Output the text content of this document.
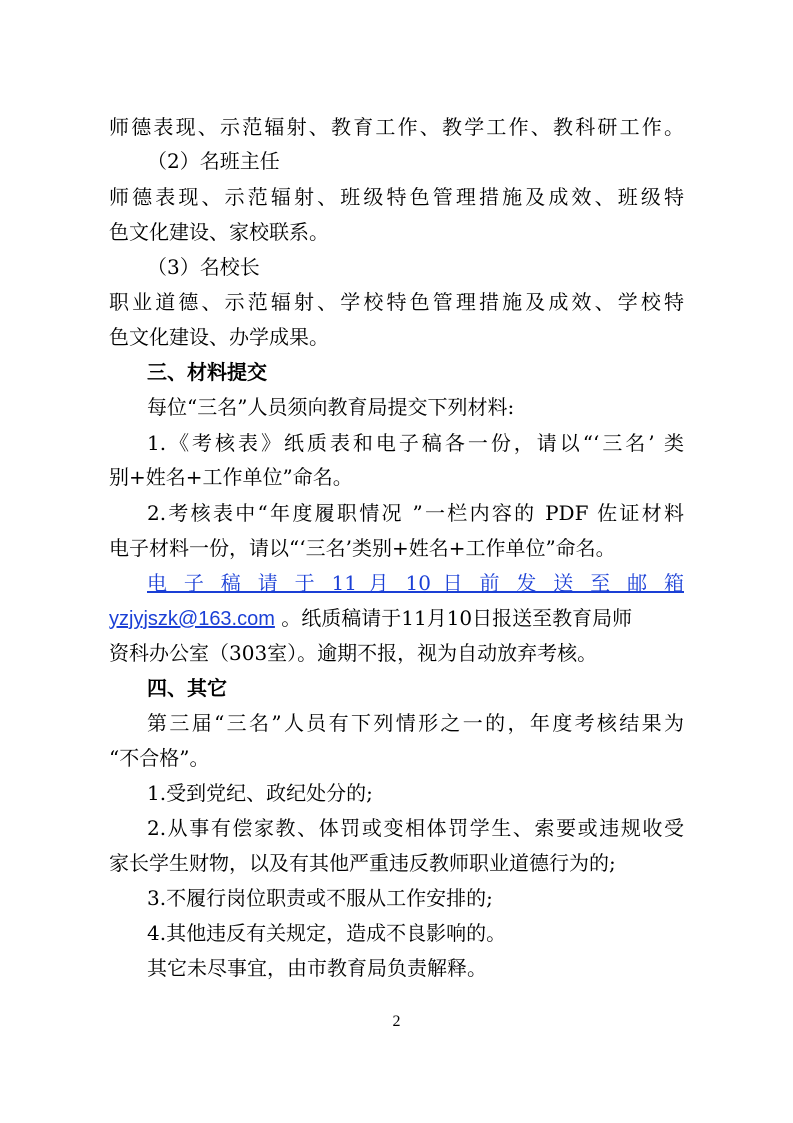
师德表现、示范辐射、教育工作、教学工作、教科研工作。
（2）名班主任
师德表现、示范辐射、班级特色管理措施及成效、班级特
色文化建设、家校联系。
（3）名校长
职业道德、示范辐射、学校特色管理措施及成效、学校特
色文化建设、办学成果。
三、材料提交
每位“三名”人员须向教育局提交下列材料:
1.《考核表》纸质表和电子稿各一份，请以“‘三名’ 类
别+姓名+工作单位”命名。
2.考核表中“年度履职情况 ”一栏内容的 PDF 佐证材料
电子材料一份，请以“‘三名’类别+姓名+工作单位”命名。
电 子 稿 请 于 11 月 10 日 前 发 送 至 邮 箱
yzjyjszk@163.com 。纸质稿请于11月10日报送至教育局师
资科办公室（303室）。逾期不报，视为自动放弃考核。
四、其它
第三届“三名”人员有下列情形之一的，年度考核结果为
“不合格”。
1.受到党纪、政纪处分的;
2.从事有偿家教、体罚或变相体罚学生、索要或违规收受
家长学生财物，以及有其他严重违反教师职业道德行为的;
3.不履行岗位职责或不服从工作安排的;
4.其他违反有关规定，造成不良影响的。
其它未尽事宜，由市教育局负责解释。
2
